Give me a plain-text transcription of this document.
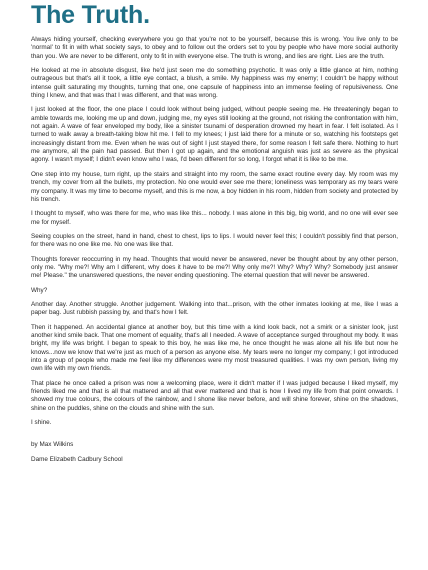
The Truth.

Always hiding yourself, checking everywhere you go that you're not to be yourself, because this is wrong. You live only to be 'normal' to fit in with what society says, to obey and to follow out the orders set to you by people who have more social authority than you. We are never to be different, only to fit in with everyone else. The truth is wrong, and lies are right. Lies are the truth.

He looked at me in absolute disgust, like he'd just seen me do something psychotic. It was only a little glance at him, nothing outrageous but that's all it took, a little eye contact, a blush, a smile. My happiness was my enemy; I couldn't be happy without intense guilt saturating my thoughts, turning that one, one capsule of happiness into an immense feeling of repulsiveness. One thing I knew, and that was that I was different, and that was wrong.

I just looked at the floor, the one place I could look without being judged, without people seeing me. He threateningly began to amble towards me, looking me up and down, judging me, my eyes still looking at the ground, not risking the confrontation with him, not again. A wave of fear enveloped my body, like a sinister tsunami of desperation drowned my heart in fear. I felt isolated. As I turned to walk away a breath-taking blow hit me. I fell to my knees; I just laid there for a minute or so, watching his footsteps get increasingly distant from me. Even when he was out of sight I just stayed there, for some reason I felt safe there. Nothing to hurt me anymore, all the pain had passed. But then I got up again, and the emotional anguish was just as severe as the physical agony. I wasn't myself; I didn't even know who I was, I'd been different for so long, I forgot what it is like to be me.

One step into my house, turn right, up the stairs and straight into my room, the same exact routine every day. My room was my trench, my cover from all the bullets, my protection. No one would ever see me there; loneliness was temporary as my tears were my company. It was my time to become myself, and this is me now, a boy hidden in his room, hidden from society and protected by his trench.

I thought to myself, who was there for me, who was like this... nobody. I was alone in this big, big world, and no one will ever see me for myself.

Seeing couples on the street, hand in hand, chest to chest, lips to lips. I would never feel this; I couldn't possibly find that person, for there was no one like me. No one was like that.

Thoughts forever reoccurring in my head. Thoughts that would never be answered, never be thought about by any other person, only me. "Why me?! Why am I different, why does it have to be me?! Why only me?! Why? Why? Why? Somebody just answer me! Please." the unanswered questions, the never ending questioning. The eternal question that will never be answered.

Why?

Another day. Another struggle. Another judgement. Walking into that...prison, with the other inmates looking at me, like I was a paper bag. Just rubbish passing by, and that's how I felt.

Then it happened. An accidental glance at another boy, but this time with a kind look back, not a smirk or a sinister look, just another kind smile back. That one moment of equality, that's all I needed. A wave of acceptance surged throughout my body. It was bright, my life was bright. I began to speak to this boy, he was like me, he once thought he was alone all his life but now he knows...now we know that we're just as much of a person as anyone else. My tears were no longer my company; I got introduced into a group of people who made me feel like my differences were my most treasured qualities. I was my own person, living my own life with my own friends.

That place he once called a prison was now a welcoming place, were it didn't matter if I was judged because I liked myself, my friends liked me and that is all that mattered and all that ever mattered and that is how I lived my life from that point onwards. I showed my true colours, the colours of the rainbow, and I shone like never before, and will shine forever, shine on the shadows, shine on the puddles, shine on the clouds and shine with the sun.

I shine.

by Max Wilkins
Dame Elizabeth Cadbury School
